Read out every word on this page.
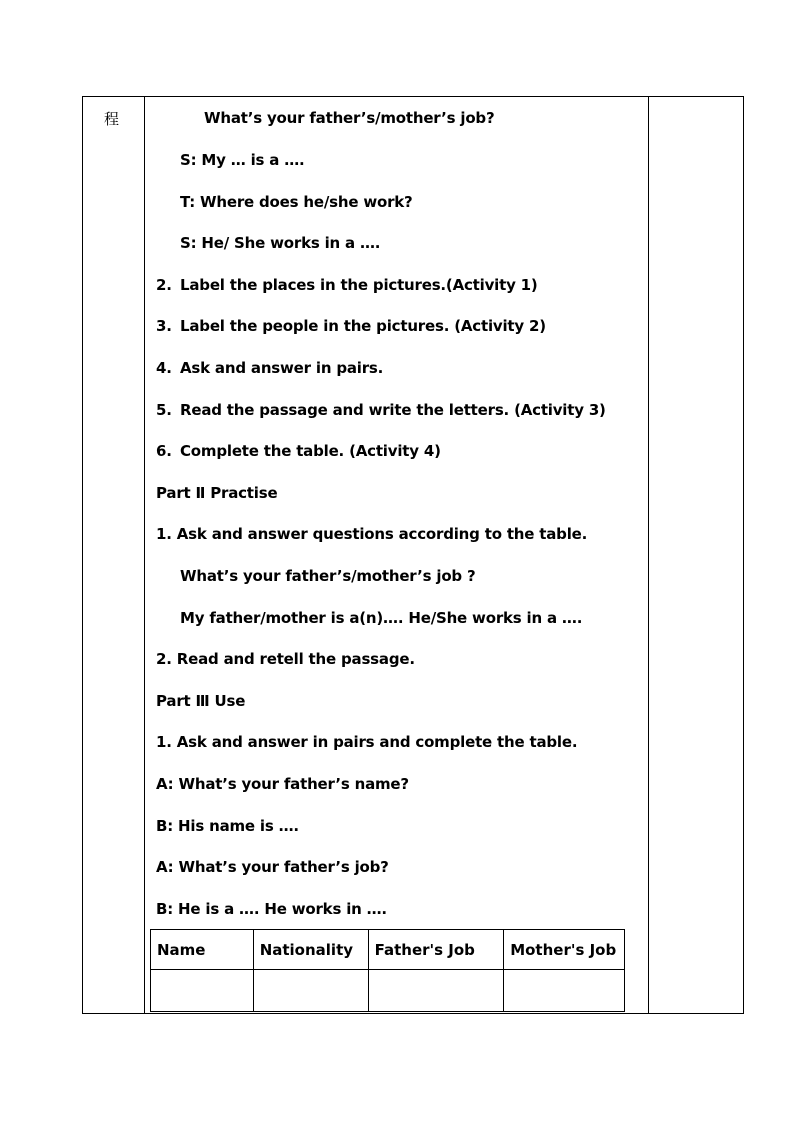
程	What’s your father’s/mother’s job?
S: My … is a ….
T: Where does he/she work?
S: He/ She works in a ….
2. Label the places in the pictures.(Activity 1)
3. Label the people in the pictures. (Activity 2)
4. Ask and answer in pairs.
5. Read the passage and write the letters. (Activity 3)
6. Complete the table. (Activity 4)
Part Ⅱ Practise
1. Ask and answer questions according to the table.
What’s your father’s/mother’s job ?
My father/mother is a(n)…. He/She works in a ….
2. Read and retell the passage.
Part Ⅲ Use
1. Ask and answer in pairs and complete the table.
A: What’s your father’s name?
B: His name is ….
A: What’s your father’s job?
B: He is a …. He works in ….
Name	Nationality	Father's Job	Mother's Job
